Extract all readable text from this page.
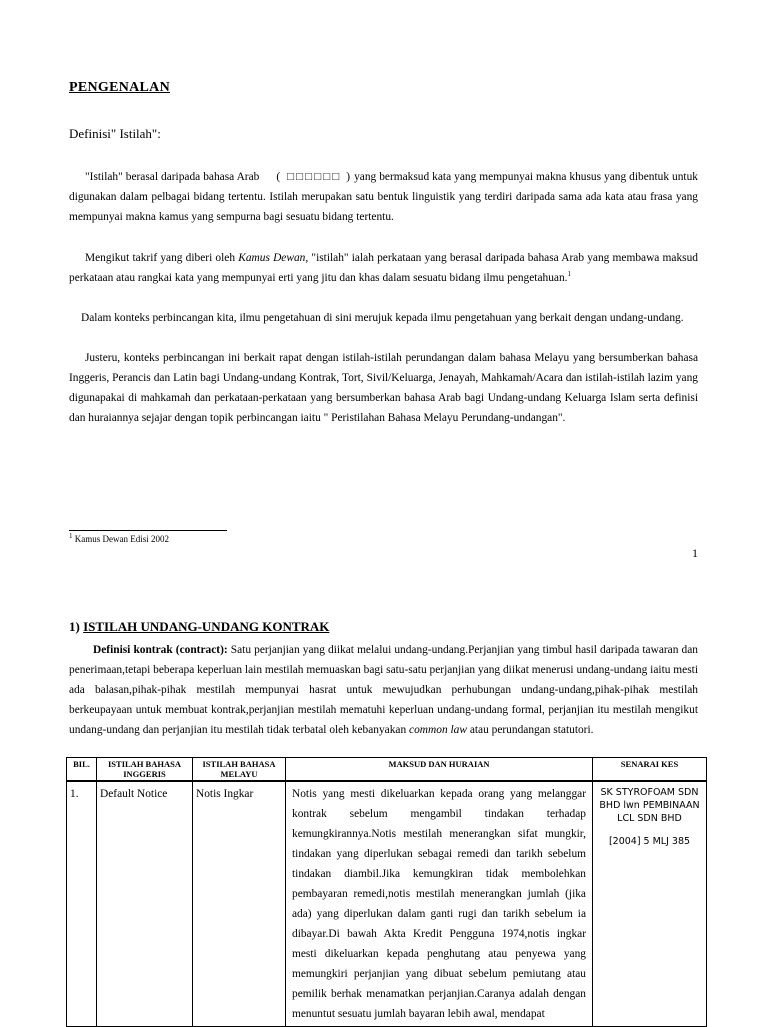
PENGENALAN
Definisi" Istilah":
"Istilah" berasal daripada bahasa Arab ( □□□□□□ ) yang bermaksud kata yang mempunyai makna khusus yang dibentuk untuk digunakan dalam pelbagai bidang tertentu. Istilah merupakan satu bentuk linguistik yang terdiri daripada sama ada kata atau frasa yang mempunyai makna kamus yang sempurna bagi sesuatu bidang tertentu.
Mengikut takrif yang diberi oleh Kamus Dewan, "istilah" ialah perkataan yang berasal daripada bahasa Arab yang membawa maksud perkataan atau rangkai kata yang mempunyai erti yang jitu dan khas dalam sesuatu bidang ilmu pengetahuan.$^1$
Dalam konteks perbincangan kita, ilmu pengetahuan di sini merujuk kepada ilmu pengetahuan yang berkait dengan undang-undang.
Justeru, konteks perbincangan ini berkait rapat dengan istilah-istilah perundangan dalam bahasa Melayu yang bersumberkan bahasa Inggeris, Perancis dan Latin bagi Undang-undang Kontrak, Tort, Sivil/Keluarga, Jenayah, Mahkamah/Acara dan istilah-istilah lazim yang digunapakai di mahkamah dan perkataan-perkataan yang bersumberkan bahasa Arab bagi Undang-undang Keluarga Islam serta definisi dan huraiannya sejajar dengan topik perbincangan iaitu " Peristilahan Bahasa Melayu Perundang-undangan".
$^1$ Kamus Dewan Edisi 2002
1
1) ISTILAH UNDANG-UNDANG KONTRAK
Definisi kontrak (contract): Satu perjanjian yang diikat melalui undang-undang.Perjanjian yang timbul hasil daripada tawaran dan penerimaan,tetapi beberapa keperluan lain mestilah memuaskan bagi satu-satu perjanjian yang diikat menerusi undang-undang iaitu mesti ada balasan,pihak-pihak mestilah mempunyai hasrat untuk mewujudkan perhubungan undang-undang,pihak-pihak mestilah berkeupayaan untuk membuat kontrak,perjanjian mestilah mematuhi keperluan undang-undang formal, perjanjian itu mestilah mengikut undang-undang dan perjanjian itu mestilah tidak terbatal oleh kebanyakan common law atau perundangan statutori.
BIL.	ISTILAH BAHASA INGGERIS	ISTILAH BAHASA MELAYU	MAKSUD DAN HURAIAN	SENARAI KES
1.	Default Notice	Notis Ingkar	Notis yang mesti dikeluarkan kepada orang yang melanggar kontrak sebelum mengambil tindakan terhadap kemungkirannya.Notis mestilah menerangkan sifat mungkir, tindakan yang diperlukan sebagai remedi dan tarikh sebelum tindakan diambil.Jika kemungkiran tidak membolehkan pembayaran remedi,notis mestilah menerangkan jumlah (jika ada) yang diperlukan dalam ganti rugi dan tarikh sebelum ia dibayar.Di bawah Akta Kredit Pengguna 1974,notis ingkar mesti dikeluarkan kepada penghutang atau penyewa yang memungkiri perjanjian yang dibuat sebelum pemiutang atau pemilik berhak menamatkan perjanjian.Caranya adalah dengan menuntut sesuatu jumlah bayaran lebih awal, mendapat	SK STYROFOAM SDN BHD lwn PEMBINAAN LCL SDN BHD
[2004] 5 MLJ 385
